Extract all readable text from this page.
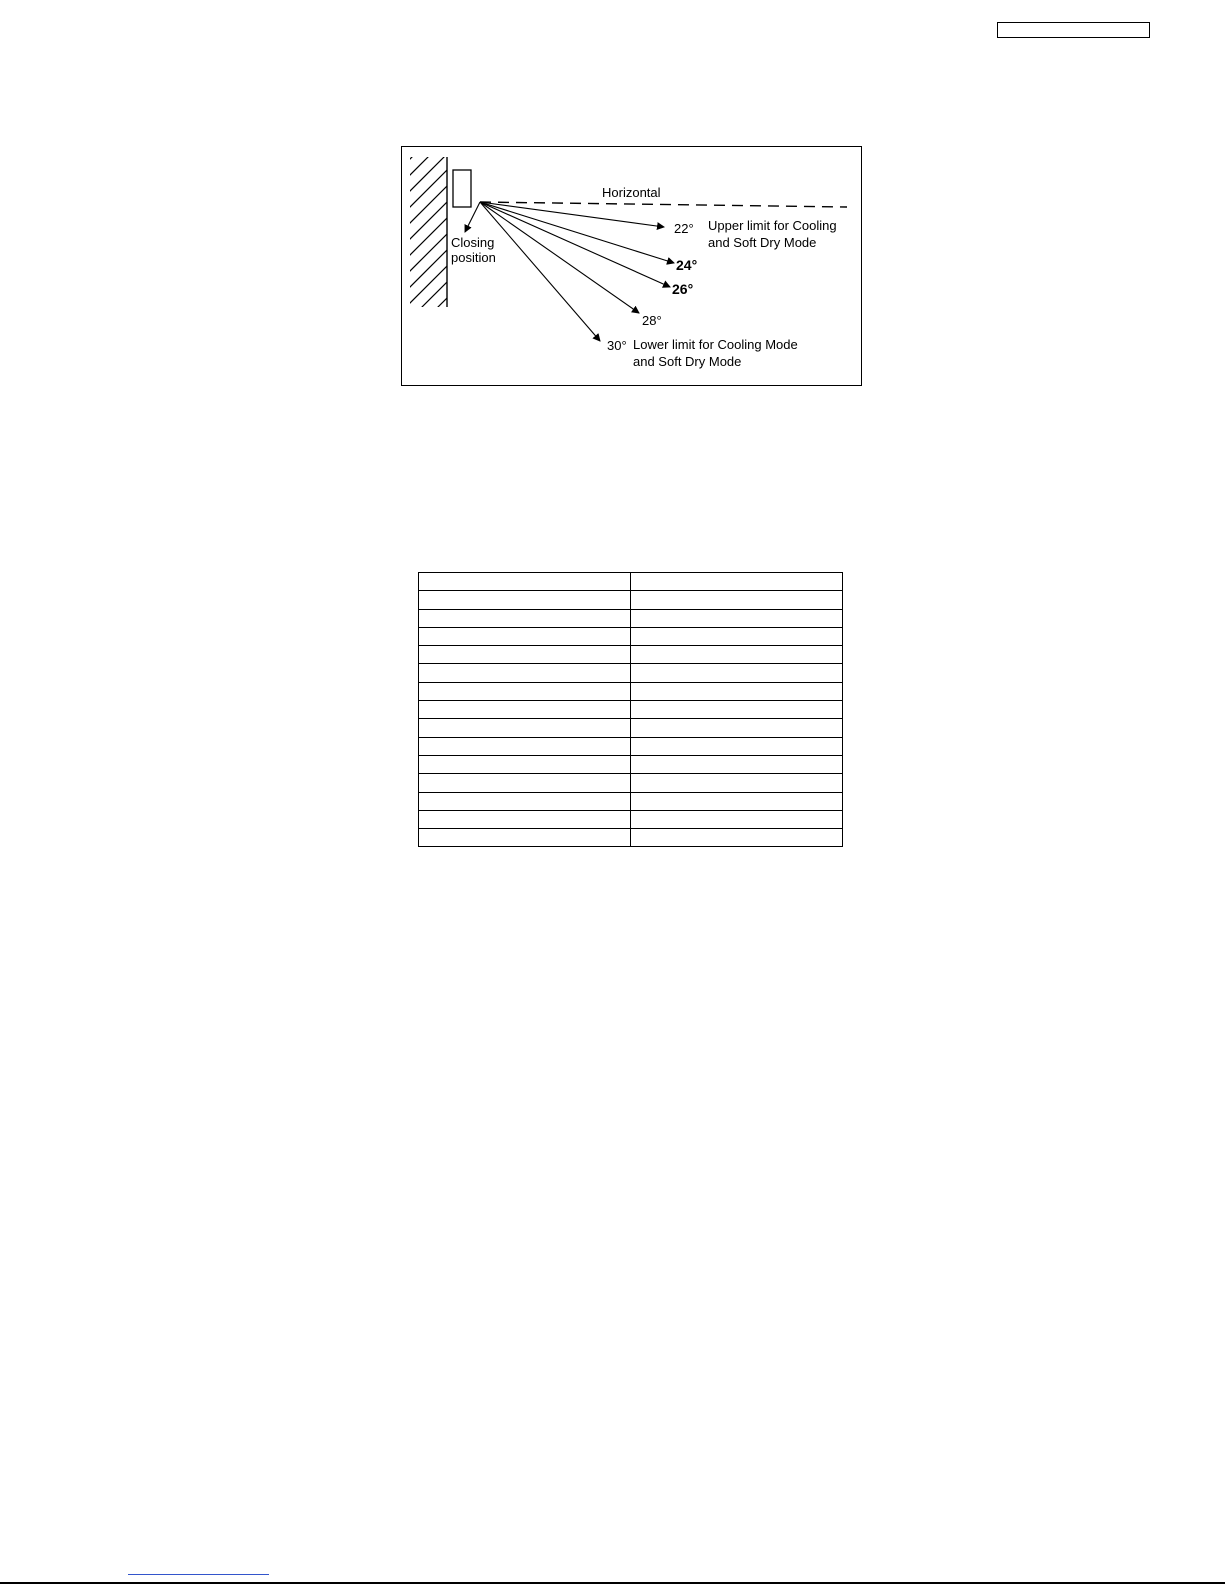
Horizontal
Closing
position
22°
24°
26°
28°
30°
Upper limit for Cooling
and Soft Dry Mode
Lower limit for Cooling Mode
and Soft Dry Mode
